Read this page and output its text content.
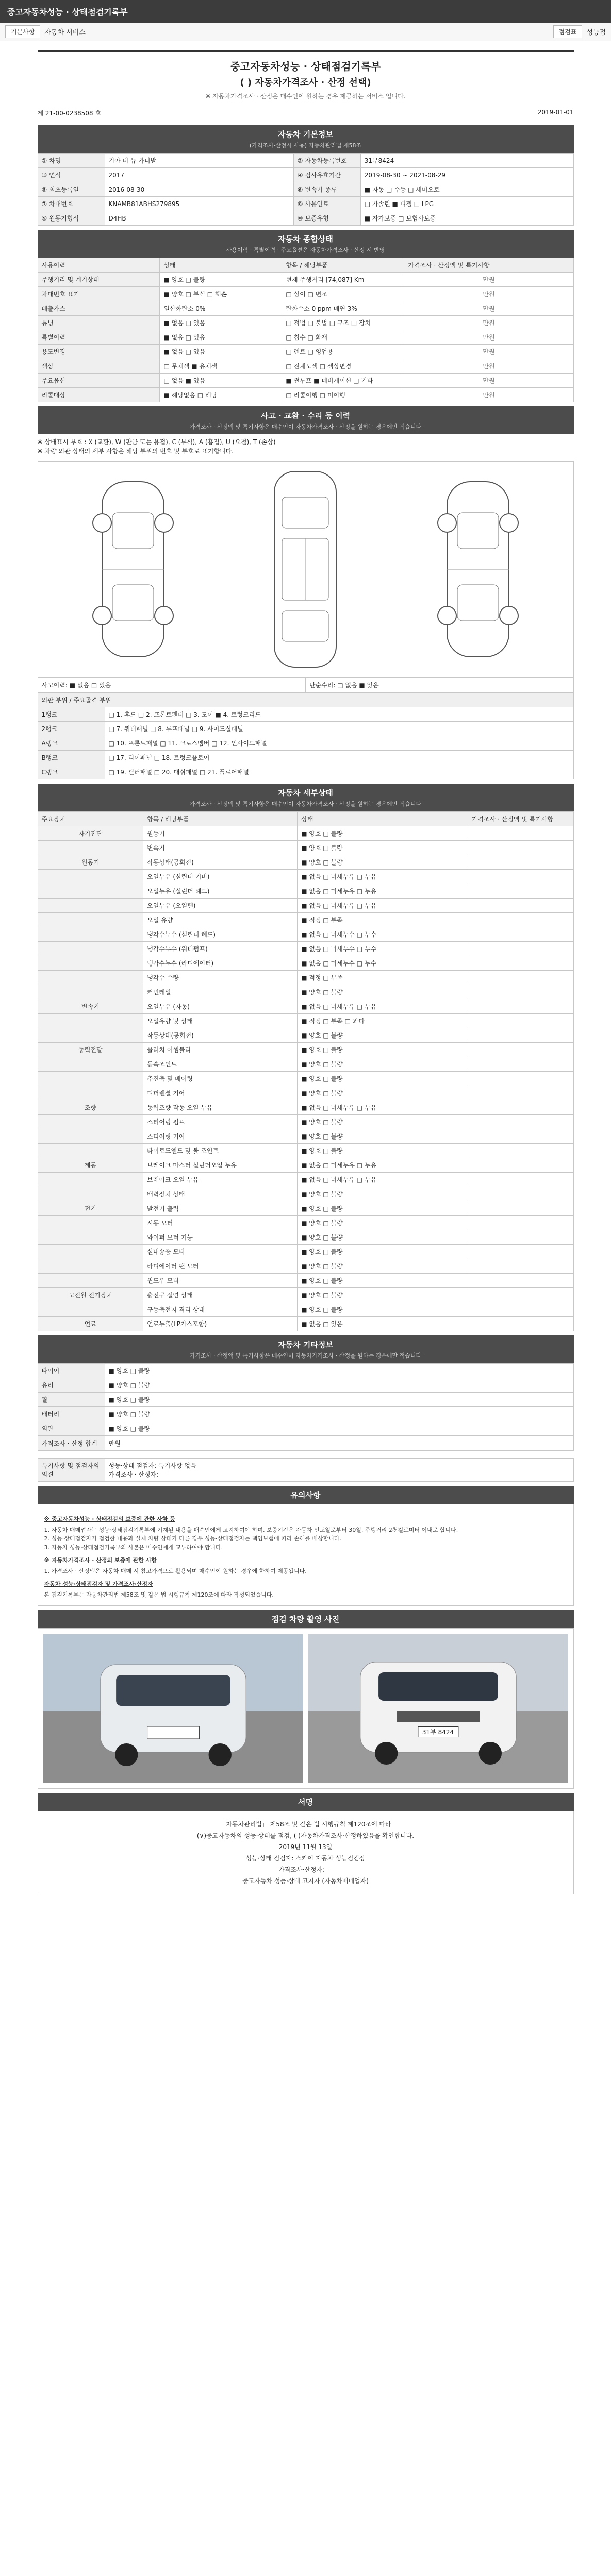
중고자동차성능 · 상태점검기록부
기본사항	자동차 서비스	점검표	성능점
중고자동차성능 · 상태점검기록부
( ) 자동차가격조사 · 산정 선택)
※ 자동차가격조사 · 산정은 매수인이 원하는 경우 제공하는 서비스 입니다.
제 21-00-0238508 호	2019-01-01
자동차 기본정보
(가격조사·산정시 사용) 자동차관리법 제58조
① 차명	기아 더 뉴 카니발	② 자동차등록번호	31부8424
③ 연식	2017	④ 검사유효기간	2019-08-30 ~ 2021-08-29
⑤ 최초등록일	2016-08-30	⑥ 변속기 종류	■ 자동 □ 수동 □ 세미오토
⑦ 차대번호	KNAMB81ABHS279895	⑧ 사용연료	□ 가솔린 ■ 디젤 □ LPG
⑨ 원동기형식	D4HB	⑩ 보증유형	■ 자가보증 □ 보험사보증
자동차 종합상태
사용이력 · 특별이력 · 주요옵션은 자동차가격조사 · 산정 시 반영
사용이력	상태	항목 / 해당부품	가격조사 · 산정액 및 특기사항
주행거리 및 계기상태	■ 양호 □ 불량	현재 주행거리 [74,087] Km	만원
차대번호 표기	■ 양호 □ 부식 □ 훼손	□ 상이 □ 변조	만원
배출가스	일산화탄소 0%	탄화수소 0 ppm 매연 3%	만원
튜닝	■ 없음 □ 있음	□ 적법 □ 불법 □ 구조 □ 장치	만원
특별이력	■ 없음 □ 있음	□ 침수 □ 화재	만원
용도변경	■ 없음 □ 있음	□ 렌트 □ 영업용	만원
색상	□ 무채색 ■ 유채색	□ 전체도색 □ 색상변경	만원
주요옵션	□ 없음 ■ 있음	■ 썬루프 ■ 네비게이션 □ 기타	만원
리콜대상	■ 해당없음 □ 해당	□ 리콜이행 □ 미이행	만원
사고 · 교환 · 수리 등 이력
가격조사 · 산정액 및 특기사항은 매수인이 자동차가격조사 · 산정을 원하는 경우에만 적습니다
※ 상태표시 부호 : X (교환), W (판금 또는 용접), C (부식), A (흠집), U (요철), T (손상)
※ 차량 외관 상태의 세부 사항은 해당 부위의 번호 및 부호로 표기합니다.
사고이력: ■ 없음 □ 있음	단순수리: □ 없음 ■ 있음
외판 부위 / 주요골격 부위	
1랭크	□ 1. 후드 □ 2. 프론트펜더 □ 3. 도어 ■ 4. 트렁크리드
2랭크	□ 7. 쿼터패널 □ 8. 루프패널 □ 9. 사이드실패널
A랭크	□ 10. 프론트패널 □ 11. 크로스멤버 □ 12. 인사이드패널
B랭크	□ 17. 리어패널 □ 18. 트렁크플로어
C랭크	□ 19. 필러패널 □ 20. 대쉬패널 □ 21. 플로어패널
자동차 세부상태
가격조사 · 산정액 및 특기사항은 매수인이 자동차가격조사 · 산정을 원하는 경우에만 적습니다
주요장치	항목 / 해당부품	상태	가격조사 · 산정액 및 특기사항
자기진단	원동기	■ 양호 □ 불량	
	변속기	■ 양호 □ 불량	
원동기	작동상태(공회전)	■ 양호 □ 불량	
	오일누유 (실린더 커버)	■ 없음 □ 미세누유 □ 누유	
	오일누유 (실린더 헤드)	■ 없음 □ 미세누유 □ 누유	
	오일누유 (오일팬)	■ 없음 □ 미세누유 □ 누유	
	오일 유량	■ 적정 □ 부족	
	냉각수누수 (실린더 헤드)	■ 없음 □ 미세누수 □ 누수	
	냉각수누수 (워터펌프)	■ 없음 □ 미세누수 □ 누수	
	냉각수누수 (라디에이터)	■ 없음 □ 미세누수 □ 누수	
	냉각수 수량	■ 적정 □ 부족	
	커먼레일	■ 양호 □ 불량	
변속기	오일누유 (자동)	■ 없음 □ 미세누유 □ 누유	
	오일유량 및 상태	■ 적정 □ 부족 □ 과다	
	작동상태(공회전)	■ 양호 □ 불량	
동력전달	클러치 어셈블리	■ 양호 □ 불량	
	등속조인트	■ 양호 □ 불량	
	추진축 및 베어링	■ 양호 □ 불량	
	디퍼렌셜 기어	■ 양호 □ 불량	
조향	동력조향 작동 오일 누유	■ 없음 □ 미세누유 □ 누유	
	스티어링 펌프	■ 양호 □ 불량	
	스티어링 기어	■ 양호 □ 불량	
	타이로드엔드 및 볼 조인트	■ 양호 □ 불량	
제동	브레이크 마스터 실린더오일 누유	■ 없음 □ 미세누유 □ 누유	
	브레이크 오일 누유	■ 없음 □ 미세누유 □ 누유	
	배력장치 상태	■ 양호 □ 불량	
전기	발전기 출력	■ 양호 □ 불량	
	시동 모터	■ 양호 □ 불량	
	와이퍼 모터 기능	■ 양호 □ 불량	
	실내송풍 모터	■ 양호 □ 불량	
	라디에이터 팬 모터	■ 양호 □ 불량	
	윈도우 모터	■ 양호 □ 불량	
고전원 전기장치	충전구 절연 상태	■ 양호 □ 불량	
	구동축전지 격리 상태	■ 양호 □ 불량	
연료	연료누출(LP가스포함)	■ 없음 □ 있음	
자동차 기타정보
가격조사 · 산정액 및 특기사항은 매수인이 자동차가격조사 · 산정을 원하는 경우에만 적습니다
타이어	■ 양호 □ 불량
유리	■ 양호 □ 불량
휠	■ 양호 □ 불량
배터리	■ 양호 □ 불량
외관	■ 양호 □ 불량
가격조사 · 산정 합계	만원
특기사항 및 점검자의 의견	
성능·상태 점검자: 특기사항 없음
가격조사 · 산정자: —
유의사항
※ 중고자동차성능 · 상태점검의 보증에 관한 사항 등
1. 자동차 매매업자는 성능·상태점검기록부에 기재된 내용을 매수인에게 고지하여야 하며, 보증기간은 자동차 인도일로부터 30일, 주행거리 2천킬로미터 이내로 합니다.
2. 성능·상태점검자가 점검한 내용과 실제 차량 상태가 다른 경우 성능·상태점검자는 책임보험에 따라 손해를 배상합니다.
3. 자동차 성능·상태점검기록부의 사본은 매수인에게 교부하여야 합니다.
※ 자동차가격조사 · 산정의 보증에 관한 사항
1. 가격조사 · 산정액은 자동차 매매 시 참고가격으로 활용되며 매수인이 원하는 경우에 한하여 제공됩니다.
자동차 성능·상태점검자 및 가격조사·산정자
본 점검기록부는 자동차관리법 제58조 및 같은 법 시행규칙 제120조에 따라 작성되었습니다.
점검 차량 촬영 사진
31부 8424
서명
「자동차관리법」 제58조 및 같은 법 시행규칙 제120조에 따라
(∨)중고자동차의 성능·상태를 점검, ( )자동차가격조사·산정하였음을 확인합니다.
2019년 11월 13일
성능·상태 점검자: 스카이 자동차 성능점검장
가격조사·산정자: —
중고자동차 성능·상태 고지자 (자동차매매업자)
